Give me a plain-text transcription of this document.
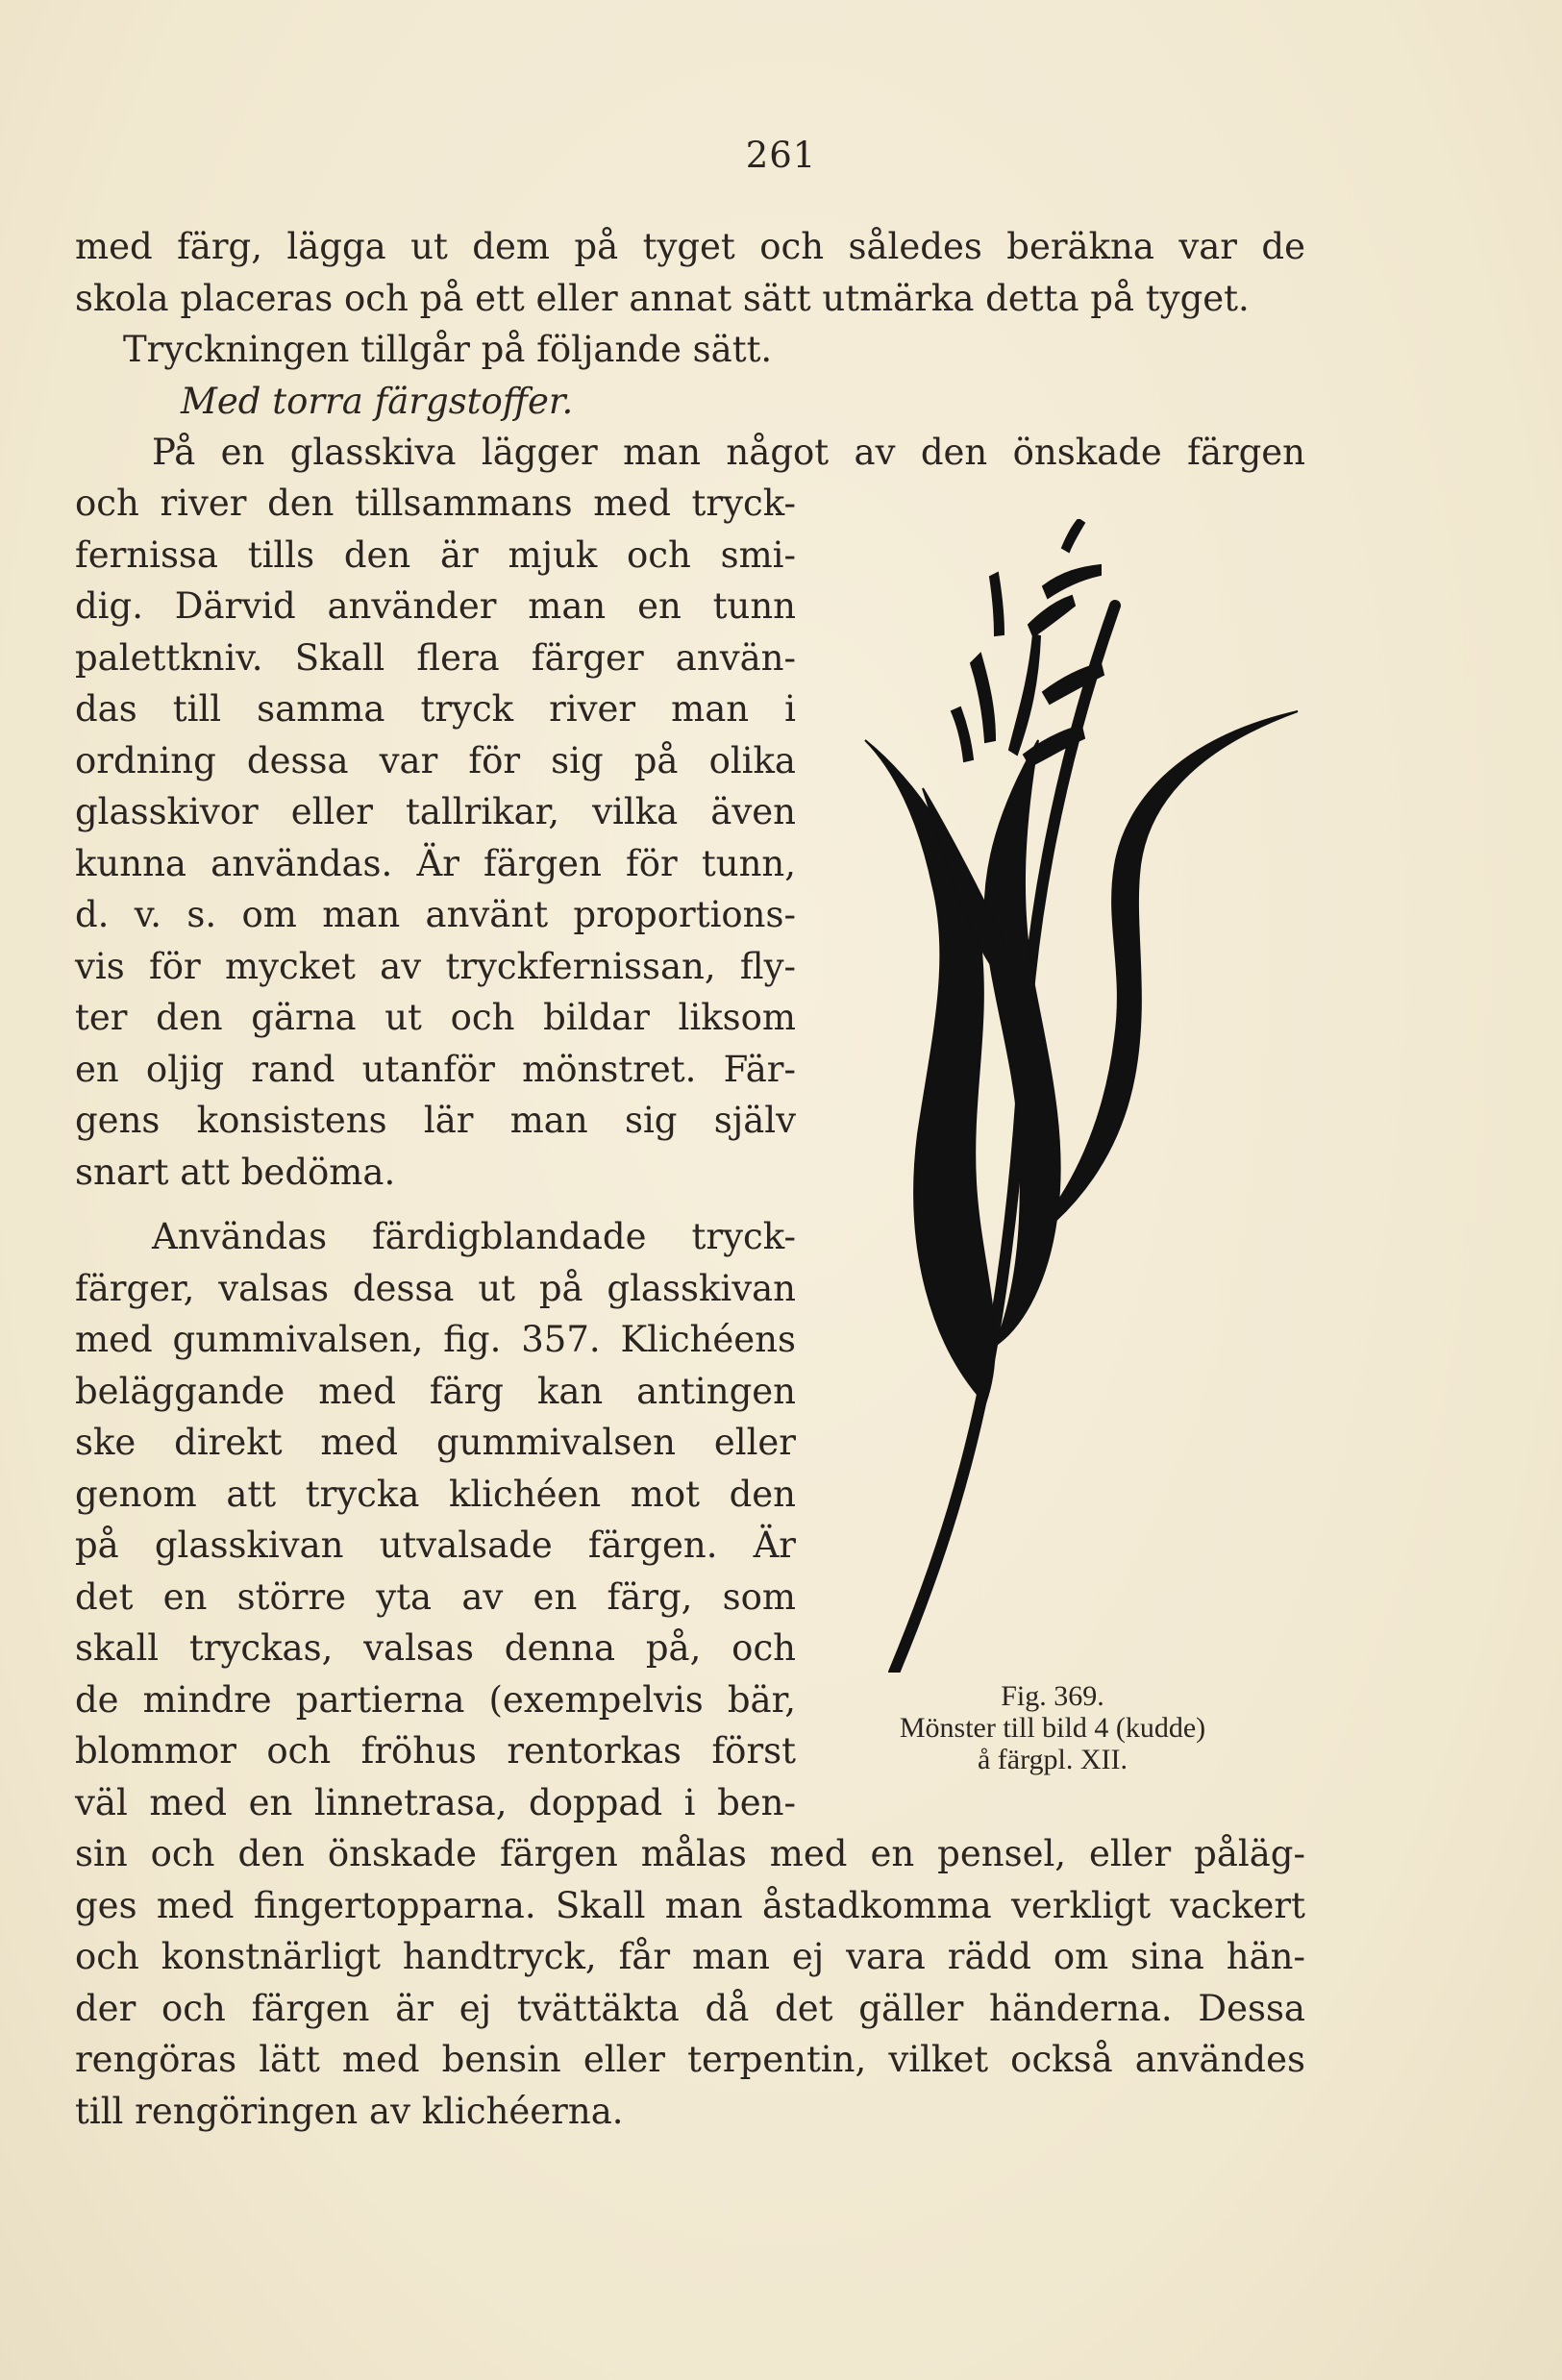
261
med färg, lägga ut dem på tyget och således beräkna var de
skola placeras och på ett eller annat sätt utmärka detta på tyget.
Tryckningen tillgår på följande sätt.
Med torra färgstoffer.
På en glasskiva lägger man något av den önskade färgen
och river den tillsammans med tryck-
fernissa tills den är mjuk och smi-
dig. Därvid använder man en tunn
palettkniv. Skall flera färger använ-
das till samma tryck river man i
ordning dessa var för sig på olika
glasskivor eller tallrikar, vilka även
kunna användas. Är färgen för tunn,
d. v. s. om man använt proportions-
vis för mycket av tryckfernissan, fly-
ter den gärna ut och bildar liksom
en oljig rand utanför mönstret. Fär-
gens konsistens lär man sig själv
snart att bedöma.
Användas färdigblandade tryck-
färger, valsas dessa ut på glasskivan
med gummivalsen, fig. 357. Klichéens
beläggande med färg kan antingen
ske direkt med gummivalsen eller
genom att trycka klichéen mot den
på glasskivan utvalsade färgen. Är
det en större yta av en färg, som
skall tryckas, valsas denna på, och
de mindre partierna (exempelvis bär,
blommor och fröhus rentorkas först
väl med en linnetrasa, doppad i ben-
sin och den önskade färgen målas med en pensel, eller påläg-
ges med fingertopparna. Skall man åstadkomma verkligt vackert
och konstnärligt handtryck, får man ej vara rädd om sina hän-
der och färgen är ej tvättäkta då det gäller händerna. Dessa
rengöras lätt med bensin eller terpentin, vilket också användes
till rengöringen av klichéerna.
Fig. 369.
Mönster till bild 4 (kudde)
å färgpl. XII.
